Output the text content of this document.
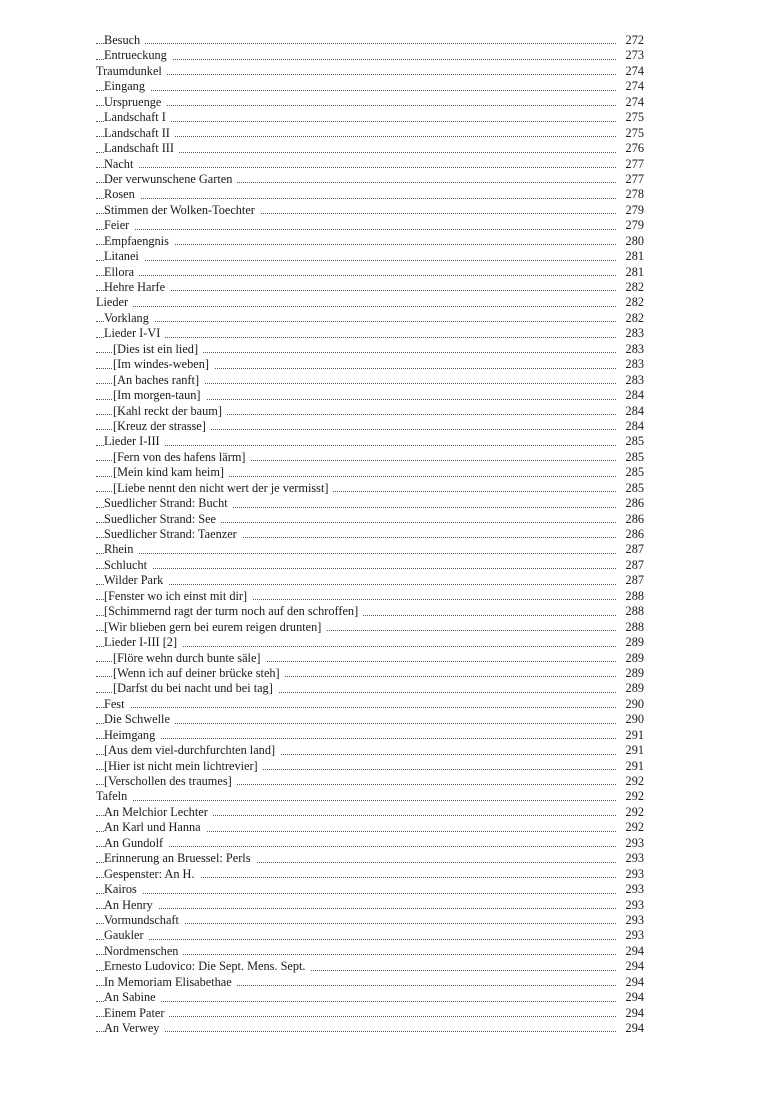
Besuch	272
Entrueckung	273
Traumdunkel	274
Eingang	274
Urspruenge	274
Landschaft I	275
Landschaft II	275
Landschaft III	276
Nacht	277
Der verwunschene Garten	277
Rosen	278
Stimmen der Wolken-Toechter	279
Feier	279
Empfaengnis	280
Litanei	281
Ellora	281
Hehre Harfe	282
Lieder	282
Vorklang	282
Lieder I-VI	283
[Dies ist ein lied]	283
[Im windes-weben]	283
[An baches ranft]	283
[Im morgen-taun]	284
[Kahl reckt der baum]	284
[Kreuz der strasse]	284
Lieder I-III	285
[Fern von des hafens lärm]	285
[Mein kind kam heim]	285
[Liebe nennt den nicht wert der je vermisst]	285
Suedlicher Strand: Bucht	286
Suedlicher Strand: See	286
Suedlicher Strand: Taenzer	286
Rhein	287
Schlucht	287
Wilder Park	287
[Fenster wo ich einst mit dir]	288
[Schimmernd ragt der turm noch auf den schroffen]	288
[Wir blieben gern bei eurem reigen drunten]	288
Lieder I-III [2]	289
[Flöre wehn durch bunte säle]	289
[Wenn ich auf deiner brücke steh]	289
[Darfst du bei nacht und bei tag]	289
Fest	290
Die Schwelle	290
Heimgang	291
[Aus dem viel-durchfurchten land]	291
[Hier ist nicht mein lichtrevier]	291
[Verschollen des traumes]	292
Tafeln	292
An Melchior Lechter	292
An Karl und Hanna	292
An Gundolf	293
Erinnerung an Bruessel: Perls	293
Gespenster: An H.	293
Kairos	293
An Henry	293
Vormundschaft	293
Gaukler	293
Nordmenschen	294
Ernesto Ludovico: Die Sept. Mens. Sept.	294
In Memoriam Elisabethae	294
An Sabine	294
Einem Pater	294
An Verwey	294
